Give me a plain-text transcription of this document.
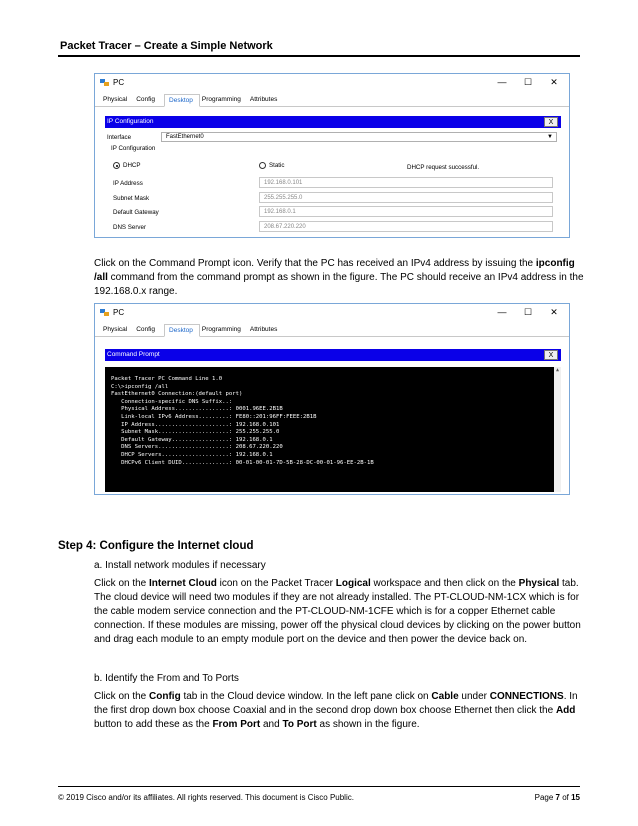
Packet Tracer – Create a Simple Network
PC	—	☐	✕
Physical	Config	Desktop	Programming	Attributes
IP Configuration	X
Interface	FastEthernet0	▼
IP Configuration
DHCP	Static	DHCP request successful.
IP Address	192.168.0.101
Subnet Mask	255.255.255.0
Default Gateway	192.168.0.1
DNS Server	208.67.220.220
Click on the Command Prompt icon. Verify that the PC has received an IPv4 address by issuing the ipconfig /all command from the command prompt as shown in the figure. The PC should receive an IPv4 address in the 192.168.0.x range.
PC	—	☐	✕
Physical	Config	Desktop	Programming	Attributes
Command Prompt	X
Packet Tracer PC Command Line 1.0
C:\>ipconfig /all
FastEthernet0 Connection:(default port)
Connection-specific DNS Suffix..:
Physical Address................: 0001.96EE.2B1B
Link-local IPv6 Address.........: FE80::201:96FF:FEEE:2B1B
IP Address......................: 192.168.0.101
Subnet Mask.....................: 255.255.255.0
Default Gateway.................: 192.168.0.1
DNS Servers.....................: 208.67.220.220
DHCP Servers....................: 192.168.0.1
DHCPv6 Client DUID..............: 00-01-00-01-7D-5B-28-DC-00-01-96-EE-2B-1B
▲
Step 4: Configure the Internet cloud
a. Install network modules if necessary
Click on the Internet Cloud icon on the Packet Tracer Logical workspace and then click on the Physical tab. The cloud device will need two modules if they are not already installed. The PT-CLOUD-NM-1CX which is for the cable modem service connection and the PT-CLOUD-NM-1CFE which is for a copper Ethernet cable connection. If these modules are missing, power off the physical cloud devices by clicking on the power button and drag each module to an empty module port on the device and then power the device back on.
b. Identify the From and To Ports
Click on the Config tab in the Cloud device window. In the left pane click on Cable under CONNECTIONS. In the first drop down box choose Coaxial and in the second drop down box choose Ethernet then click the Add button to add these as the From Port and To Port as shown in the figure.
© 2019 Cisco and/or its affiliates. All rights reserved. This document is Cisco Public.	Page 7 of 15
